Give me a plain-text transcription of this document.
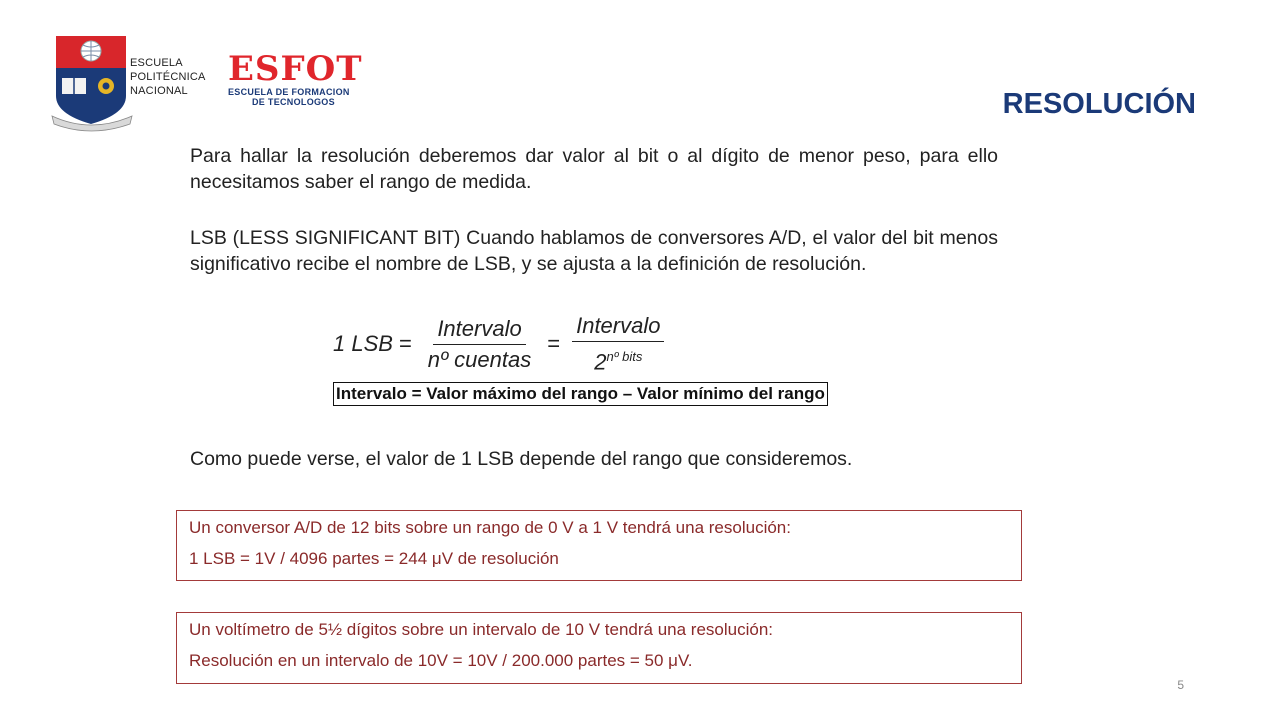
ESCUELA
POLITÉCNICA
NACIONAL
ESFOT
ESCUELA DE FORMACION
DE TECNOLOGOS	RESOLUCIÓN
Para hallar la resolución deberemos dar valor al bit o al dígito de menor peso, para ello necesitamos saber el rango de medida.
LSB (LESS SIGNIFICANT BIT) Cuando hablamos de conversores A/D, el valor del bit menos significativo recibe el nombre de LSB, y se ajusta a la definición de resolución.
1 LSB = $\frac{\text{Intervalo}}{\text{nº cuentas}} = \frac{\text{Intervalo}}{2^{nº bits}}$
Intervalo = Valor máximo del rango – Valor mínimo del rango
Como puede verse, el valor de 1 LSB depende del rango que consideremos.
Un conversor A/D de 12 bits sobre un rango de 0 V a 1 V tendrá una resolución:
1 LSB = 1V / 4096 partes = 244 μV de resolución
Un voltímetro de 5½ dígitos sobre un intervalo de 10 V tendrá una resolución:
Resolución en un intervalo de 10V = 10V / 200.000 partes = 50 μV.
5
